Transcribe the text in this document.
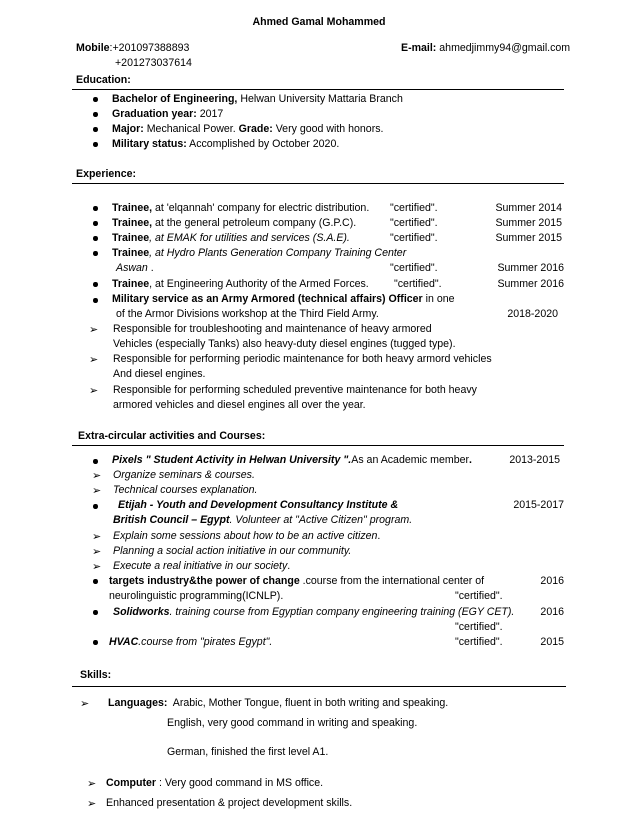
Ahmed Gamal Mohammed
Mobile:+201097388893
+201273037614
E-mail: ahmedjimmy94@gmail.com
Education:
Bachelor of Engineering, Helwan University Mattaria Branch
Graduation year: 2017
Major: Mechanical Power. Grade: Very good with honors.
Military status: Accomplished by October 2020.
Experience:
Trainee, at 'elqannah' company for electric distribution. "certified".	Summer 2014
Trainee, at the general petroleum company (G.P.C).	"certified".	Summer 2015
Trainee, at EMAK for utilities and services (S.A.E).	"certified".	Summer 2015
Trainee, at Hydro Plants Generation Company Training Center
Aswan .	"certified".	Summer 2016
Trainee, at Engineering Authority of the Armed Forces. "certified".	Summer 2016
Military service as an Army Armored (technical affairs) Officer in one
of the Armor Divisions workshop at the Third Field Army.	2018-2020
➢ Responsible for troubleshooting and maintenance of heavy armored
Vehicles (especially Tanks) also heavy-duty diesel engines (tugged type).
➢ Responsible for performing periodic maintenance for both heavy armord vehicles
And diesel engines.
➢ Responsible for performing scheduled preventive maintenance for both heavy
armored vehicles and diesel engines all over the year.
Extra-circular activities and Courses:
Pixels " Student Activity in Helwan University ".As an Academic member.	2013-2015
➢ Organize seminars & courses.
➢ Technical courses explanation.
Etijah - Youth and Development Consultancy Institute &	2015-2017
British Council – Egypt. Volunteer at "Active Citizen" program.
➢ Explain some sessions about how to be an active citizen.
➢ Planning a social action initiative in our community.
➢ Execute a real initiative in our society.
targets industry&the power of change .course from the international center of	2016
neurolinguistic programming(ICNLP).	"certified".
Solidworks. training course from Egyptian company engineering training (EGY CET). 2016
"certified".
HVAC.course from "pirates Egypt".	"certified".	2015
Skills:
➢ Languages: Arabic, Mother Tongue, fluent in both writing and speaking.
English, very good command in writing and speaking.
German, finished the first level A1.
➢ Computer : Very good command in MS office.
➢ Enhanced presentation & project development skills.
